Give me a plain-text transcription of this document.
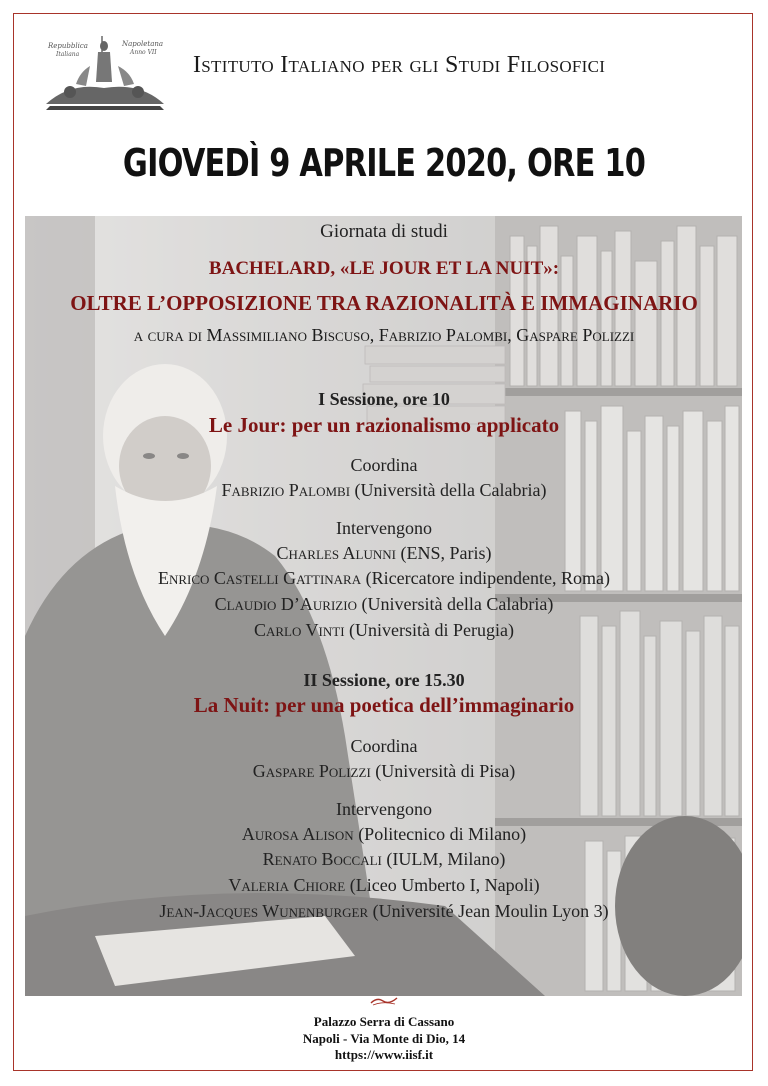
Repubblica
Italiana
Napoletana
Anno VII Istituto Italiano per gli Studi Filosofici
GIOVEDÌ 9 APRILE 2020, ORE 10
Giornata di studi
BACHELARD, «LE JOUR ET LA NUIT»:
OLTRE L’OPPOSIZIONE TRA RAZIONALITÀ E IMMAGINARIO
a cura di Massimiliano Biscuso, Fabrizio Palombi, Gaspare Polizzi
I Sessione, ore 10
Le Jour: per un razionalismo applicato
Coordina
Fabrizio Palombi (Università della Calabria)
Intervengono
Charles Alunni (ENS, Paris)
Enrico Castelli Gattinara (Ricercatore indipendente, Roma)
Claudio D’Aurizio (Università della Calabria)
Carlo Vinti (Università di Perugia)
II Sessione, ore 15.30
La Nuit: per una poetica dell’immaginario
Coordina
Gaspare Polizzi (Università di Pisa)
Intervengono
Aurosa Alison (Politecnico di Milano)
Renato Boccali (IULM, Milano)
Valeria Chiore (Liceo Umberto I, Napoli)
Jean-Jacques Wunenburger (Université Jean Moulin Lyon 3)
Palazzo Serra di Cassano
Napoli - Via Monte di Dio, 14
https://www.iisf.it
